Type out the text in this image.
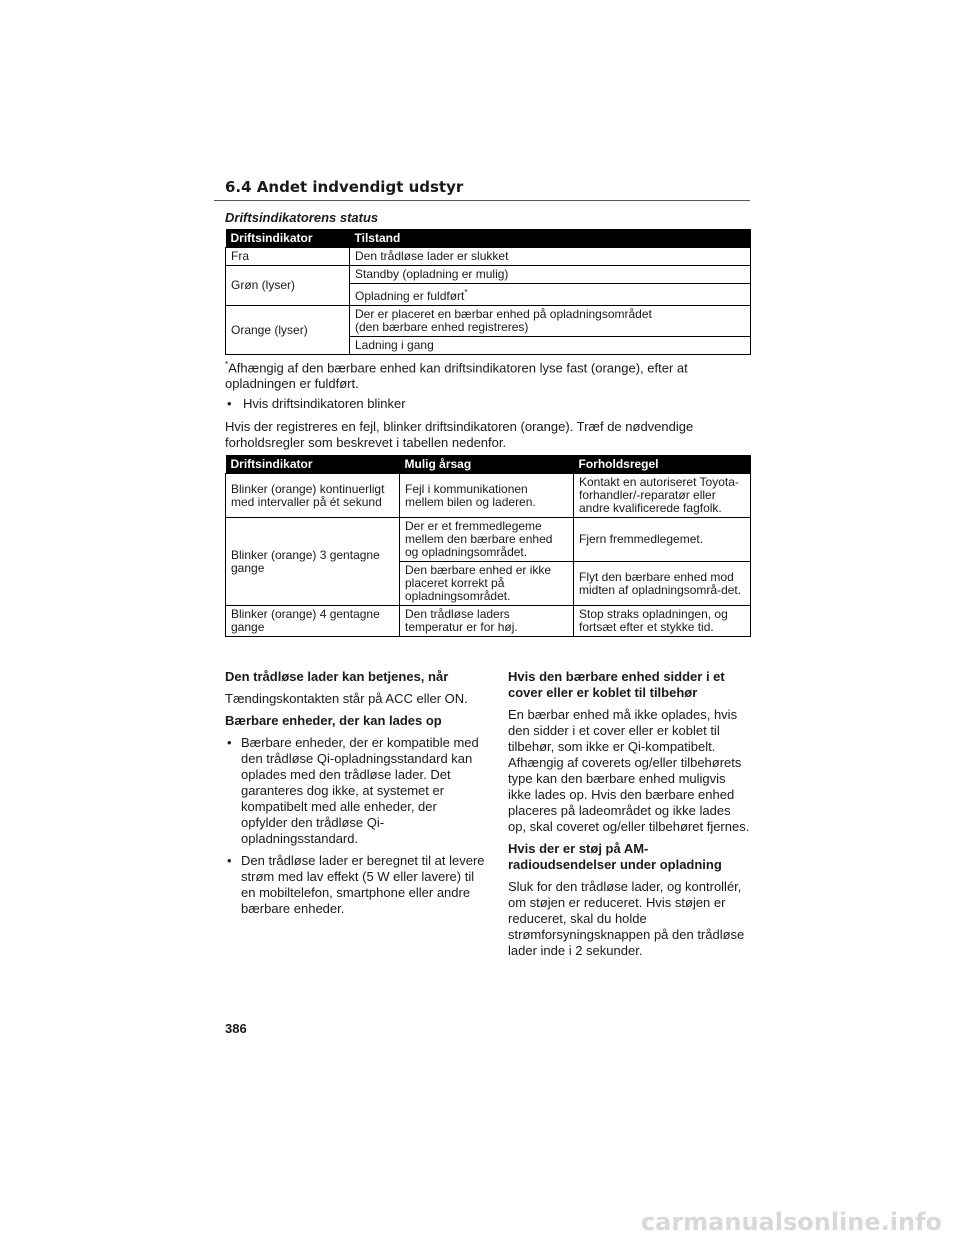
6.4 Andet indvendigt udstyr
Driftsindikatorens status
Driftsindikator	Tilstand
Fra	Den trådløse lader er slukket
Grøn (lyser)	Standby (opladning er mulig)
	Opladning er fuldført*
Orange (lyser)	Der er placeret en bærbar enhed på opladningsområdet
(den bærbare enhed registreres)
	Ladning i gang
*Afhængig af den bærbare enhed kan driftsindikatoren lyse fast (orange), efter at opladningen er fuldført.
• Hvis driftsindikatoren blinker
Hvis der registreres en fejl, blinker driftsindikatoren (orange). Træf de nødvendige forholdsregler som beskrevet i tabellen nedenfor.
Driftsindikator	Mulig årsag	Forholdsregel
Blinker (orange) kontinuerligt med intervaller på ét sekund	Fejl i kommunikationen mellem bilen og laderen.	Kontakt en autoriseret Toyota-forhandler/-reparatør eller andre kvalificerede fagfolk.
Blinker (orange) 3 gentagne gange	Der er et fremmedlegeme mellem den bærbare enhed og opladningsområdet.	Fjern fremmedlegemet.
	Den bærbare enhed er ikke placeret korrekt på opladningsområdet.	Flyt den bærbare enhed mod midten af opladningsområ-det.
Blinker (orange) 4 gentagne gange	Den trådløse laders temperatur er for høj.	Stop straks opladningen, og fortsæt efter et stykke tid.

Den trådløse lader kan betjenes, når

Tændingskontakten står på ACC eller ON.

Bærbare enheder, der kan lades op

• Bærbare enheder, der er kompatible med den trådløse Qi-opladningsstandard kan oplades med den trådløse lader. Det garanteres dog ikke, at systemet er kompatibelt med alle enheder, der opfylder den trådløse Qi-opladningsstandard.
• Den trådløse lader er beregnet til at levere strøm med lav effekt (5 W eller lavere) til en mobiltelefon, smartphone eller andre bærbare enheder.

Hvis den bærbare enhed sidder i et cover eller er koblet til tilbehør

En bærbar enhed må ikke oplades, hvis den sidder i et cover eller er koblet til tilbehør, som ikke er Qi-kompatibelt. Afhængig af coverets og/eller tilbehørets type kan den bærbare enhed muligvis ikke lades op. Hvis den bærbare enhed placeres på ladeområdet og ikke lades op, skal coveret og/eller tilbehøret fjernes.

Hvis der er støj på AM-radioudsendelser under opladning

Sluk for den trådløse lader, og kontrollér, om støjen er reduceret. Hvis støjen er reduceret, skal du holde strømforsyningsknappen på den trådløse lader inde i 2 sekunder.

386
carmanualsonline.info
